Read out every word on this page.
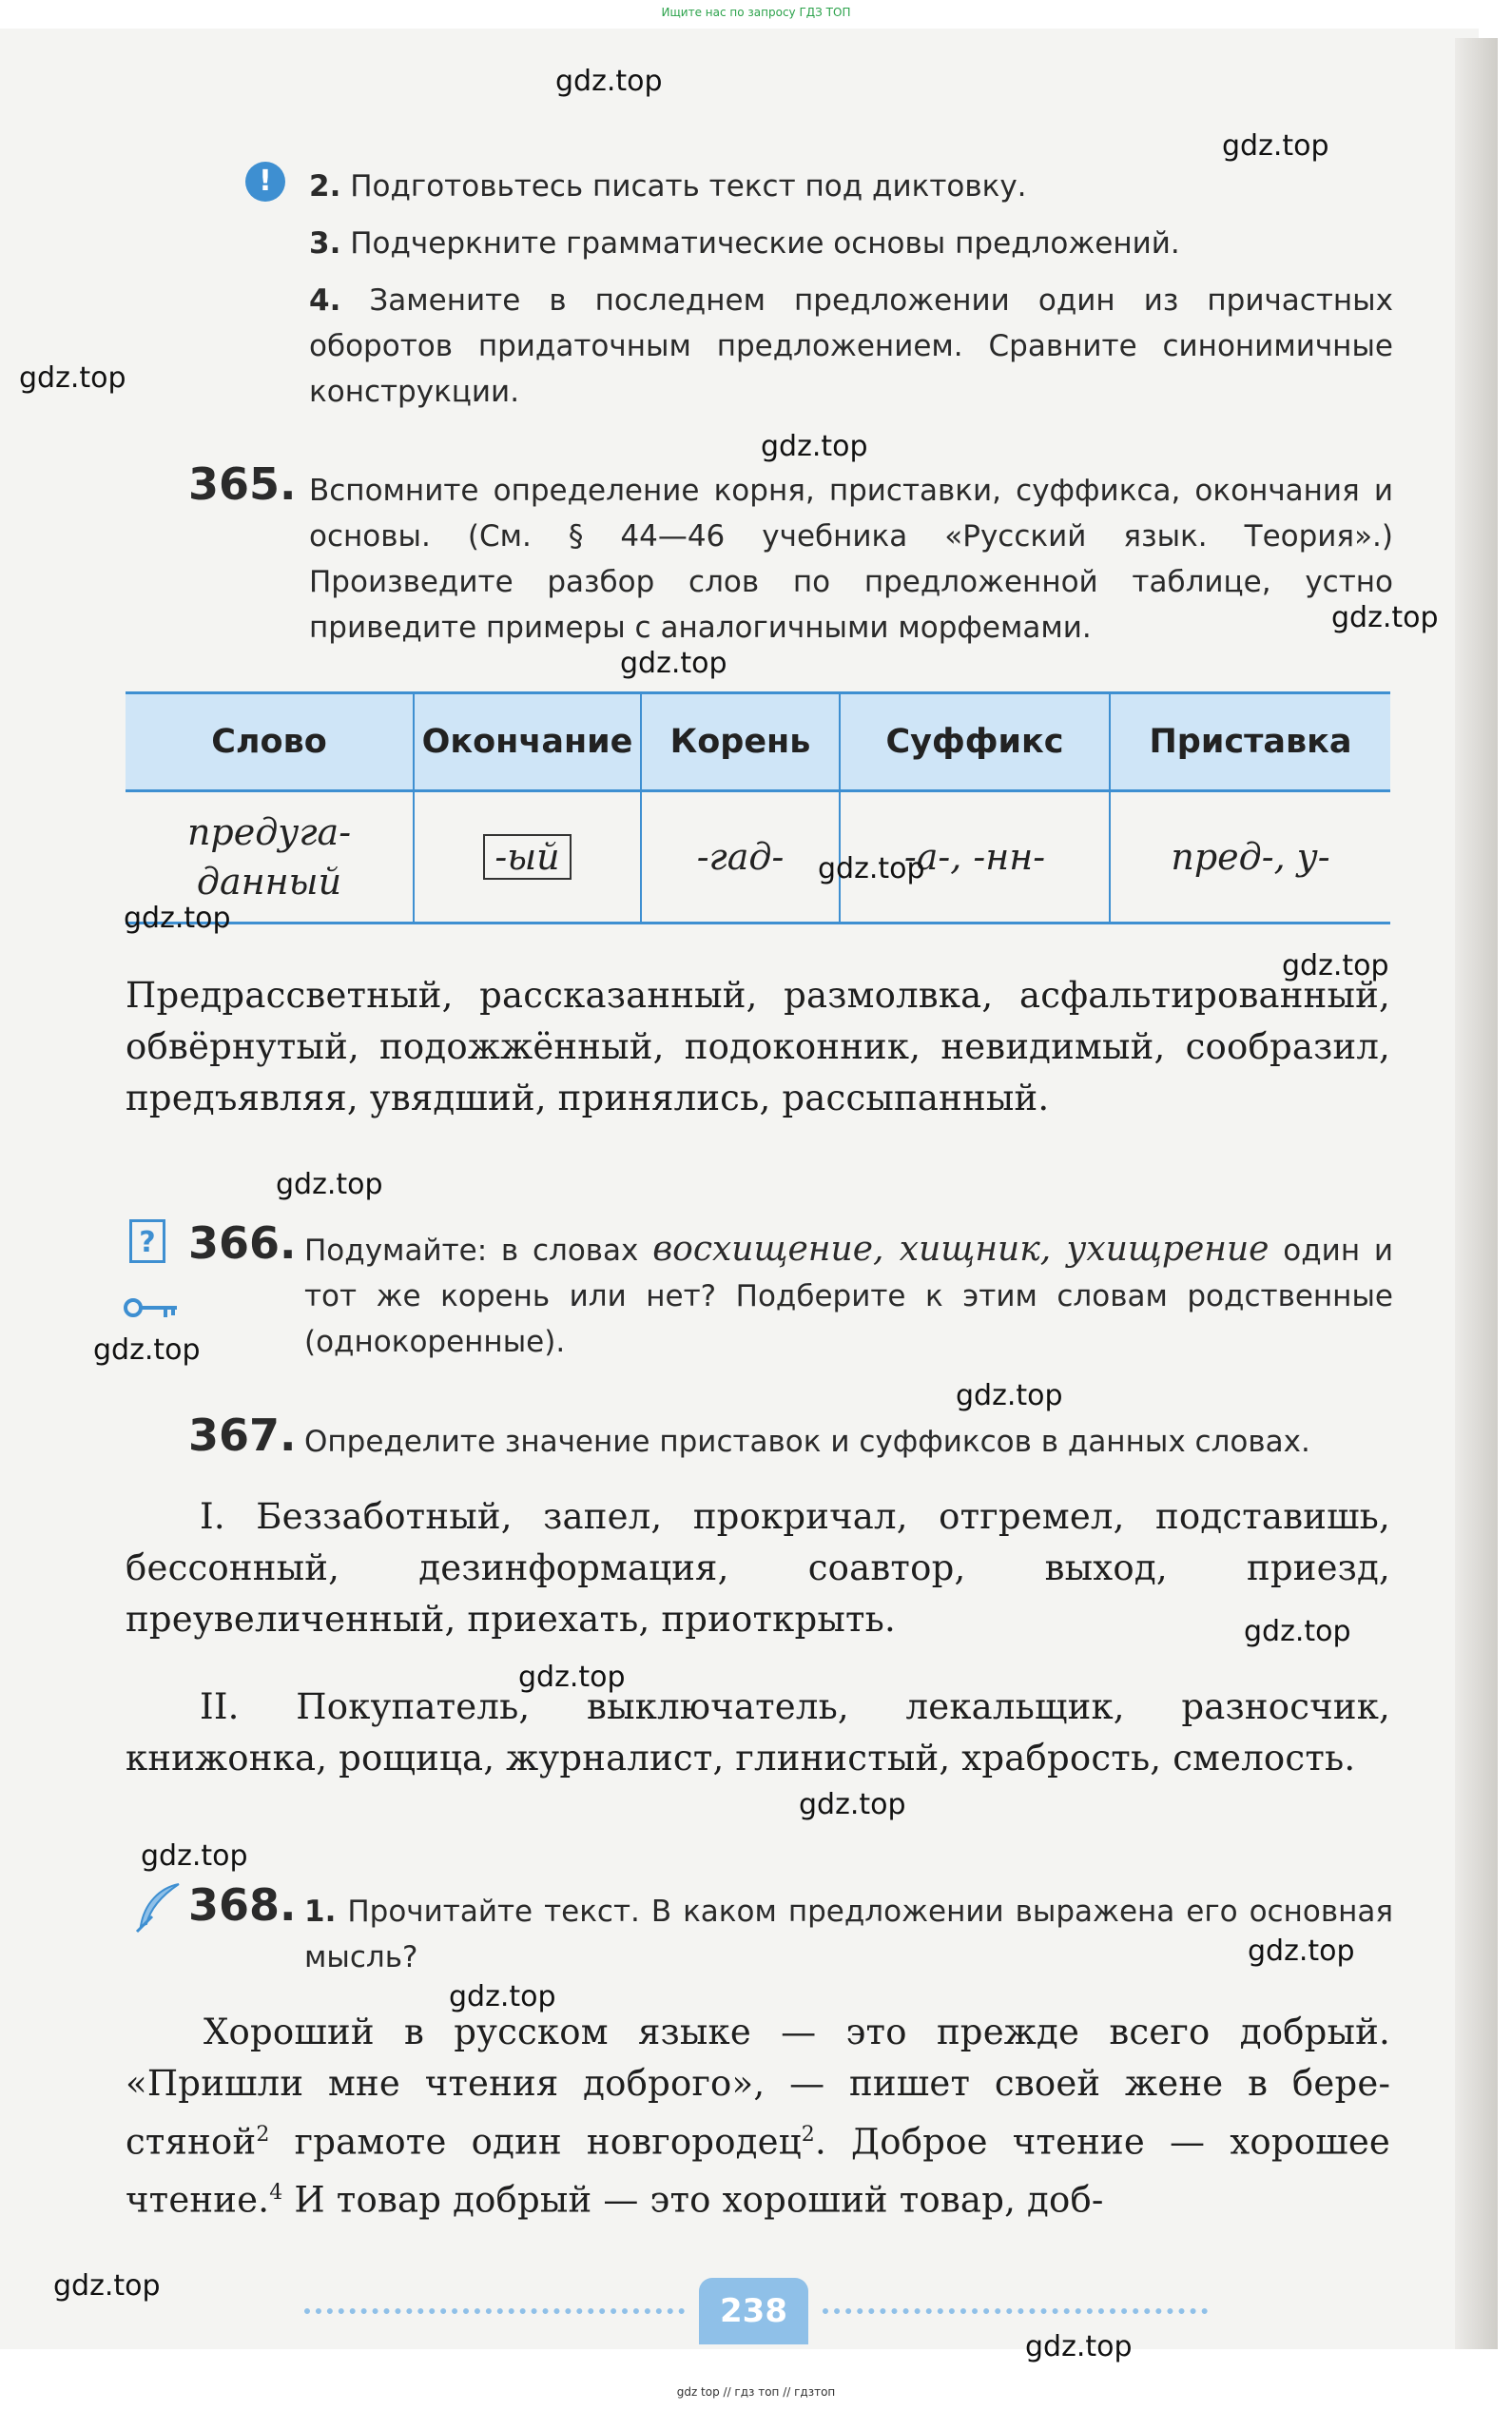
Ищите нас по запросу ГДЗ ТОП
!	2. Подготовьтесь писать текст под диктовку.
3. Подчеркните грамматические основы предложений.
4. Замените в последнем предложении один из причастных оборотов придаточным предложением. Сравните синонимичные конструкции.
365. Вспомните определение корня, приставки, суффикса, окончания и основы. (См. § 44—46 учебника «Русский язык. Теория».) Произведите разбор слов по предложенной таблице, устно приведите примеры с аналогичными морфемами.
Слово	Окончание	Корень	Суффикс	Приставка
предуга-
данный	-ый	-гад-	-а-, -нн-	пред-, у-
Предрассветный, рассказанный, размолвка, асфальтированный, обвёрнутый, подожжённый, подоконник, невидимый, сообразил, предъявляя, увядший, принялись, рассыпанный.
? 366. Подумайте: в словах восхищение, хищник, ухищрение один и тот же корень или нет? Подберите к этим словам родственные (однокоренные).
367. Определите значение приставок и суффиксов в данных словах.
I. Беззаботный, запел, прокричал, отгремел, подставишь, бессонный, дезинформация, соавтор, выход, приезд, преувеличенный, приехать, приоткрыть.
II. Покупатель, выключатель, лекальщик, разносчик, книжонка, рощица, журналист, глинистый, храбрость, смелость.
368. 1. Прочитайте текст. В каком предложении выражена его основная мысль?
Хороший в русском языке — это прежде всего добрый. «Пришли мне чтения доброго», — пишет своей жене в берестяной$^2$ грамоте один новгородец$^2$. Доброе чтение — хорошее чтение.$^4$ И товар добрый — это хороший товар, доб-
238
gdz.top
gdz.top
gdz.top
gdz.top
gdz.top
gdz.top
gdz.top
gdz.top
gdz.top
gdz.top
gdz.top
gdz.top
gdz.top
gdz.top
gdz.top
gdz.top
gdz.top
gdz.top
gdz.top
gdz.top
gdz top // гдз топ // гдзтоп
